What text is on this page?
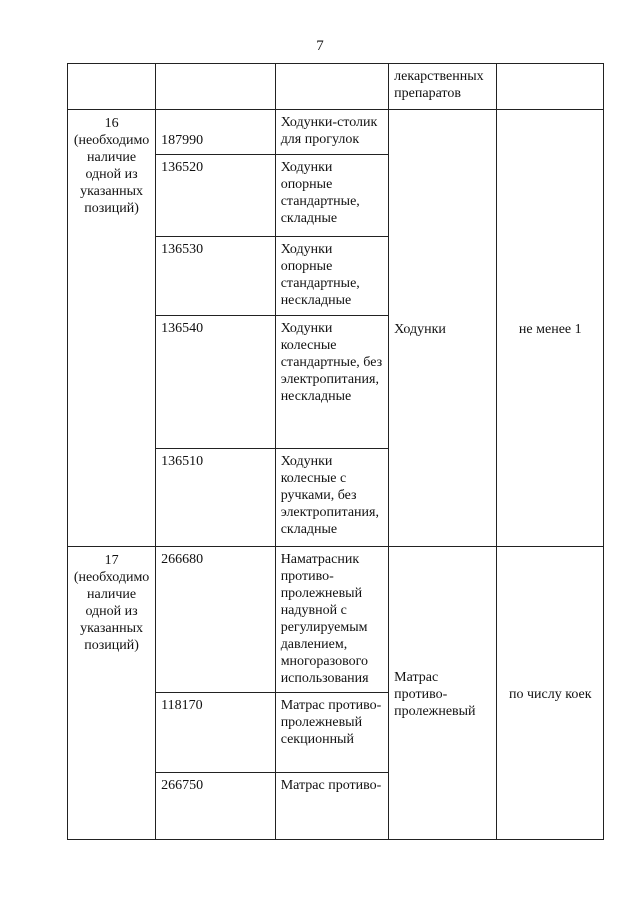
7
			лекарственных препаратов	
16 (необходимо наличие одной из указанных позиций)	187990	Ходунки-столик для прогулок	Ходунки	не менее 1
	136520	Ходунки опорные стандартные, складные		
	136530	Ходунки опорные стандартные, нескладные		
	136540	Ходунки колесные стандартные, без электропитания, нескладные		
	136510	Ходунки колесные с ручками, без электропитания, складные		
17 (необходимо наличие одной из указанных позиций)	266680	Наматрасник противо-пролежневый надувной с регулируемым давлением, многоразового использования	Матрас противо-пролежневый	по числу коек
	118170	Матрас противо-пролежневый секционный		
	266750	Матрас противо-		
